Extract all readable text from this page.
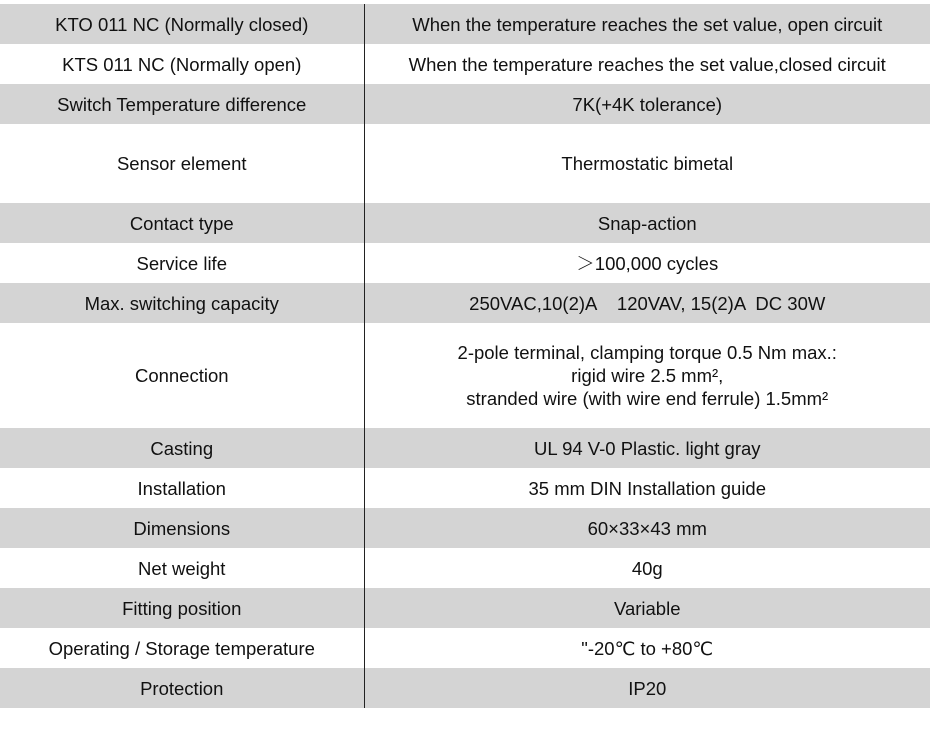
KTO 011 NC (Normally closed)	When the temperature reaches the set value, open circuit
KTS 011 NC (Normally open)	When the temperature reaches the set value,closed circuit
Switch Temperature difference	7K(+4K tolerance)
Sensor element	Thermostatic bimetal
Contact type	Snap-action
Service life	＞100,000 cycles
Max. switching capacity	250VAC,10(2)A    120VAV, 15(2)A  DC 30W
Connection	2-pole terminal, clamping torque 0.5 Nm max.:
rigid wire 2.5 mm²,
stranded wire (with wire end ferrule) 1.5mm²

Casting	UL 94 V-0 Plastic. light gray
Installation	35 mm DIN Installation guide
Dimensions	60×33×43 mm
Net weight	40g
Fitting position	Variable
Operating / Storage temperature	"-20℃ to +80℃
Protection	IP20
